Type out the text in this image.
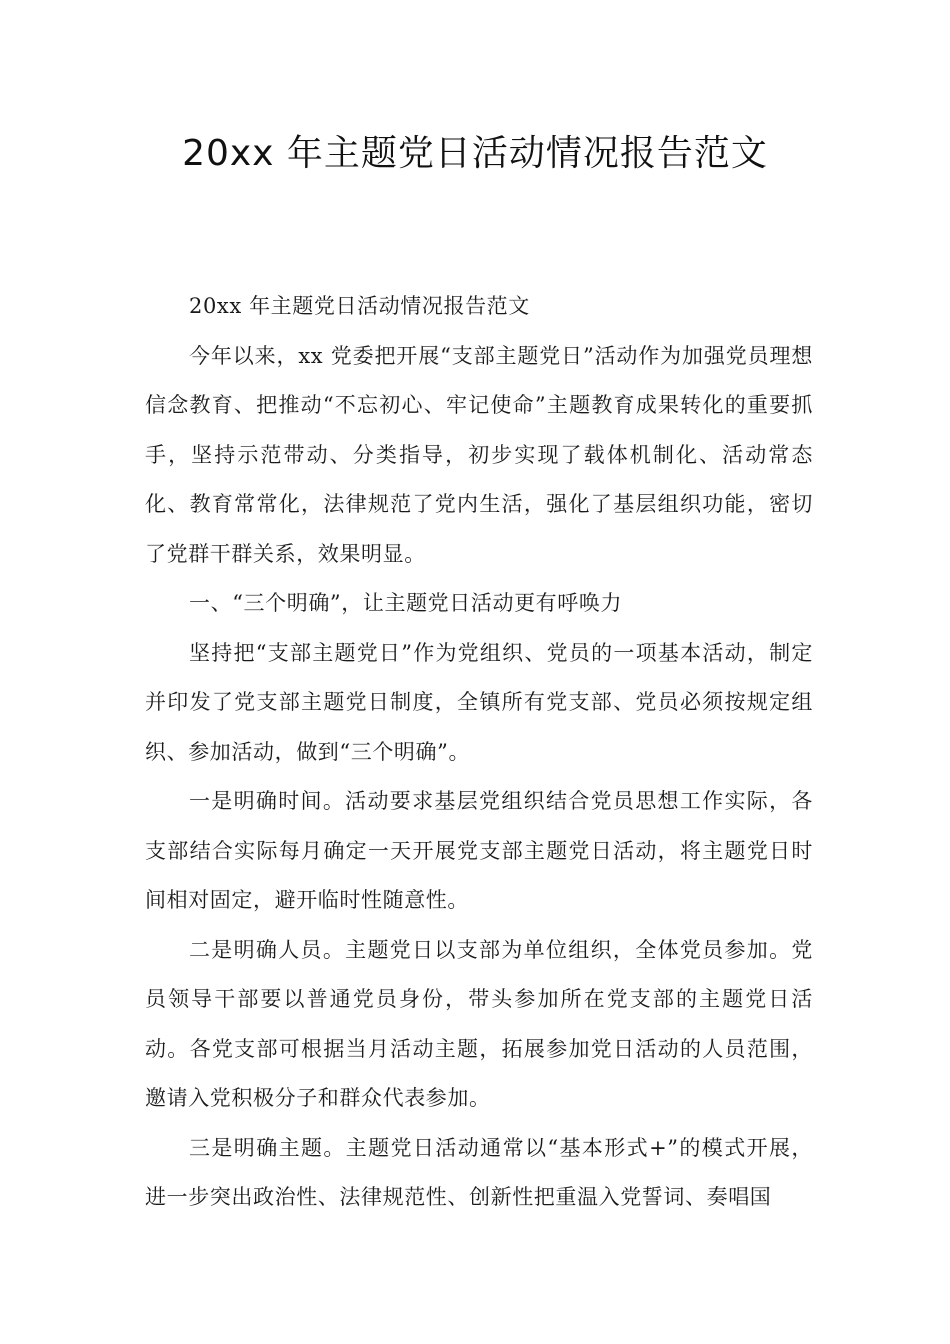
20xx 年主题党日活动情况报告范文

20xx 年主题党日活动情况报告范文

今年以来，xx 党委把开展“支部主题党日”活动作为加强党员理想信念教育、把推动“不忘初心、牢记使命”主题教育成果转化的重要抓手，坚持示范带动、分类指导，初步实现了载体机制化、活动常态化、教育常常化，法律规范了党内生活，强化了基层组织功能，密切了党群干群关系，效果明显。

一、“三个明确”，让主题党日活动更有呼唤力

坚持把“支部主题党日”作为党组织、党员的一项基本活动，制定并印发了党支部主题党日制度，全镇所有党支部、党员必须按规定组织、参加活动，做到“三个明确”。

一是明确时间。活动要求基层党组织结合党员思想工作实际，各支部结合实际每月确定一天开展党支部主题党日活动，将主题党日时间相对固定，避开临时性随意性。

二是明确人员。主题党日以支部为单位组织，全体党员参加。党员领导干部要以普通党员身份，带头参加所在党支部的主题党日活动。各党支部可根据当月活动主题，拓展参加党日活动的人员范围，邀请入党积极分子和群众代表参加。

三是明确主题。主题党日活动通常以“基本形式+”的模式开展，进一步突出政治性、法律规范性、创新性把重温入党誓词、奏唱国
